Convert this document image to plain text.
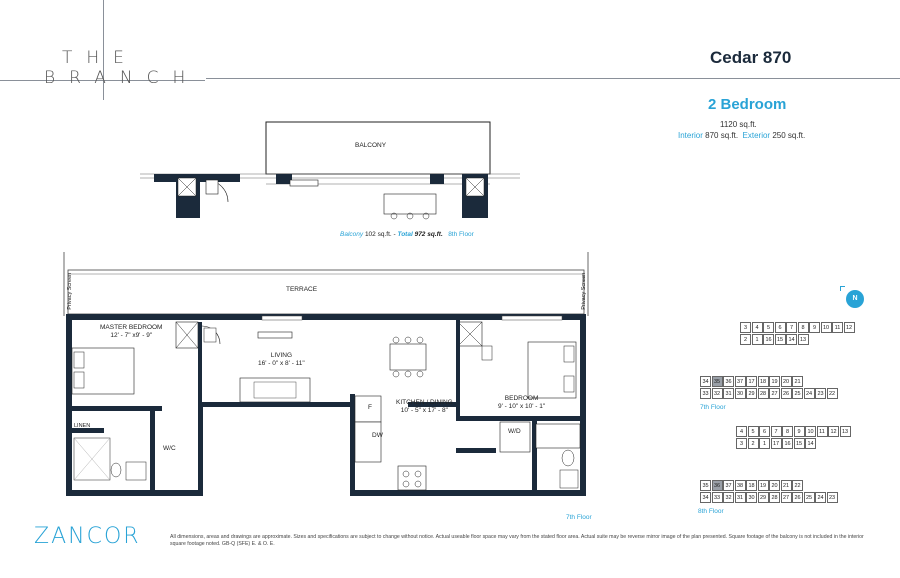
THE
BRANCH
Cedar 870
2 Bedroom
1120 sq.ft.
Interior 870 sq.ft. Exterior 250 sq.ft.
BALCONY
Balcony 102 sq.ft. - Total 972 sq.ft. 8th Floor
TERRACE
Privacy Screen	Privacy Screen
MASTER BEDROOM
12' - 7" x9' - 9"
LIVING
16' - 0" x 8' - 11"
KITCHEN / DINING
10' - 5" x 17' - 8"
BEDROOM
9' - 10" x 10' - 1"
LINEN
W/C
F
DW
W/D
7th Floor
N
3	4	5	6	7	8	9	10	11	12
2	1	16 15 14 13
34 35 36 37 17 18 19 20 21
33 32 31 30 29 28 27 26 25 24 23 22
7th Floor
4	5	6	7	8	9	10	11	12 13
3	2	1	17 16 15 14
35 36 37 38 18 19 20 21 22
34 33 32 31 30 29 28 27 26 25 24 23
8th Floor
ZANCOR	All dimensions, areas and drawings are approximate. Sizes and specifications are subject to change without notice. Actual useable floor space may vary from the stated floor area. Actual suite may be reverse mirror image of the plan presented. Square footage of the balcony is not included in the interior square footage noted. GB-Q (SFE) E. & O. E.
